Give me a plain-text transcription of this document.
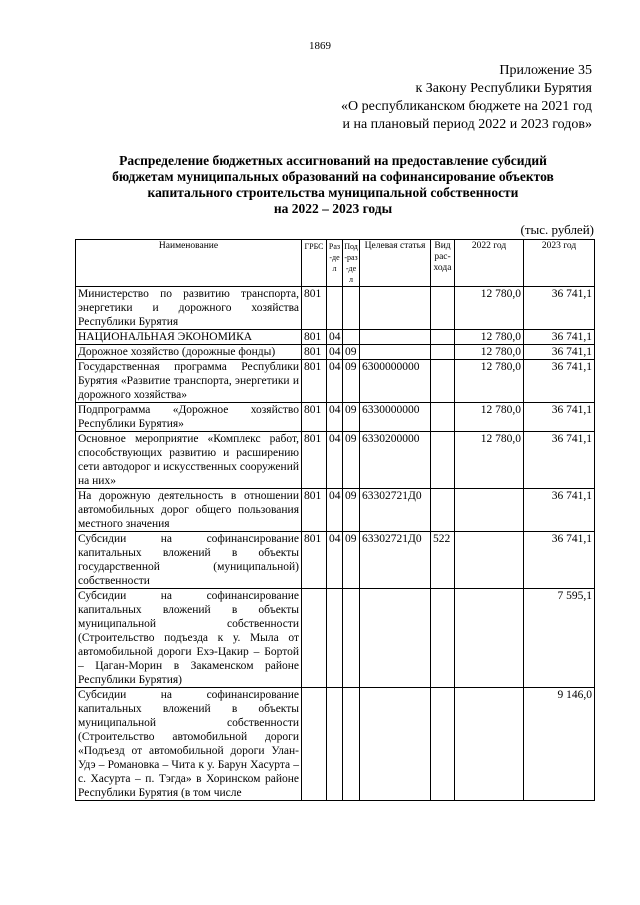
1869
Приложение 35
к Закону Республики Бурятия
«О республиканском бюджете на 2021 год
и на плановый период 2022 и 2023 годов»
Распределение бюджетных ассигнований на предоставление субсидий
бюджетам муниципальных образований на софинансирование объектов
капитального строительства муниципальной собственности
на 2022 – 2023 годы
(тыс. рублей)
Наименование	ГРБС	Раз-дел	Под-раз-дел	Целевая статья	Вид рас-хода	2022 год	2023 год
Министерство по развитию транспорта, энергетики и дорожного хозяйства Республики Бурятия	801					12 780,0	36 741,1
НАЦИОНАЛЬНАЯ ЭКОНОМИКА	801	04				12 780,0	36 741,1
Дорожное хозяйство (дорожные фонды)	801	04	09			12 780,0	36 741,1
Государственная программа Республики Бурятия «Развитие транспорта, энергетики и дорожного хозяйства»	801	04	09	6300000000		12 780,0	36 741,1
Подпрограмма «Дорожное хозяйство Республики Бурятия»	801	04	09	6330000000		12 780,0	36 741,1
Основное мероприятие «Комплекс работ, способствующих развитию и расширению сети автодорог и искусственных сооружений на них»	801	04	09	6330200000		12 780,0	36 741,1
На дорожную деятельность в отношении автомобильных дорог общего пользования местного значения	801	04	09	63302721Д0			36 741,1
Субсидии на софинансирование капитальных вложений в объекты государственной (муниципальной) собственности	801	04	09	63302721Д0	522		36 741,1
Субсидии на софинансирование капитальных вложений в объекты муниципальной собственности (Строительство подъезда к у. Мыла от автомобильной дороги Ехэ-Цакир – Бортой – Цаган-Морин в Закаменском районе Республики Бурятия)							7 595,1
Субсидии на софинансирование капитальных вложений в объекты муниципальной собственности (Строительство автомобильной дороги «Подъезд от автомобильной дороги Улан-Удэ – Романовка – Чита к у. Барун Хасурта – с. Хасурта – п. Тэгда» в Хоринском районе Республики Бурятия (в том числе							9 146,0
